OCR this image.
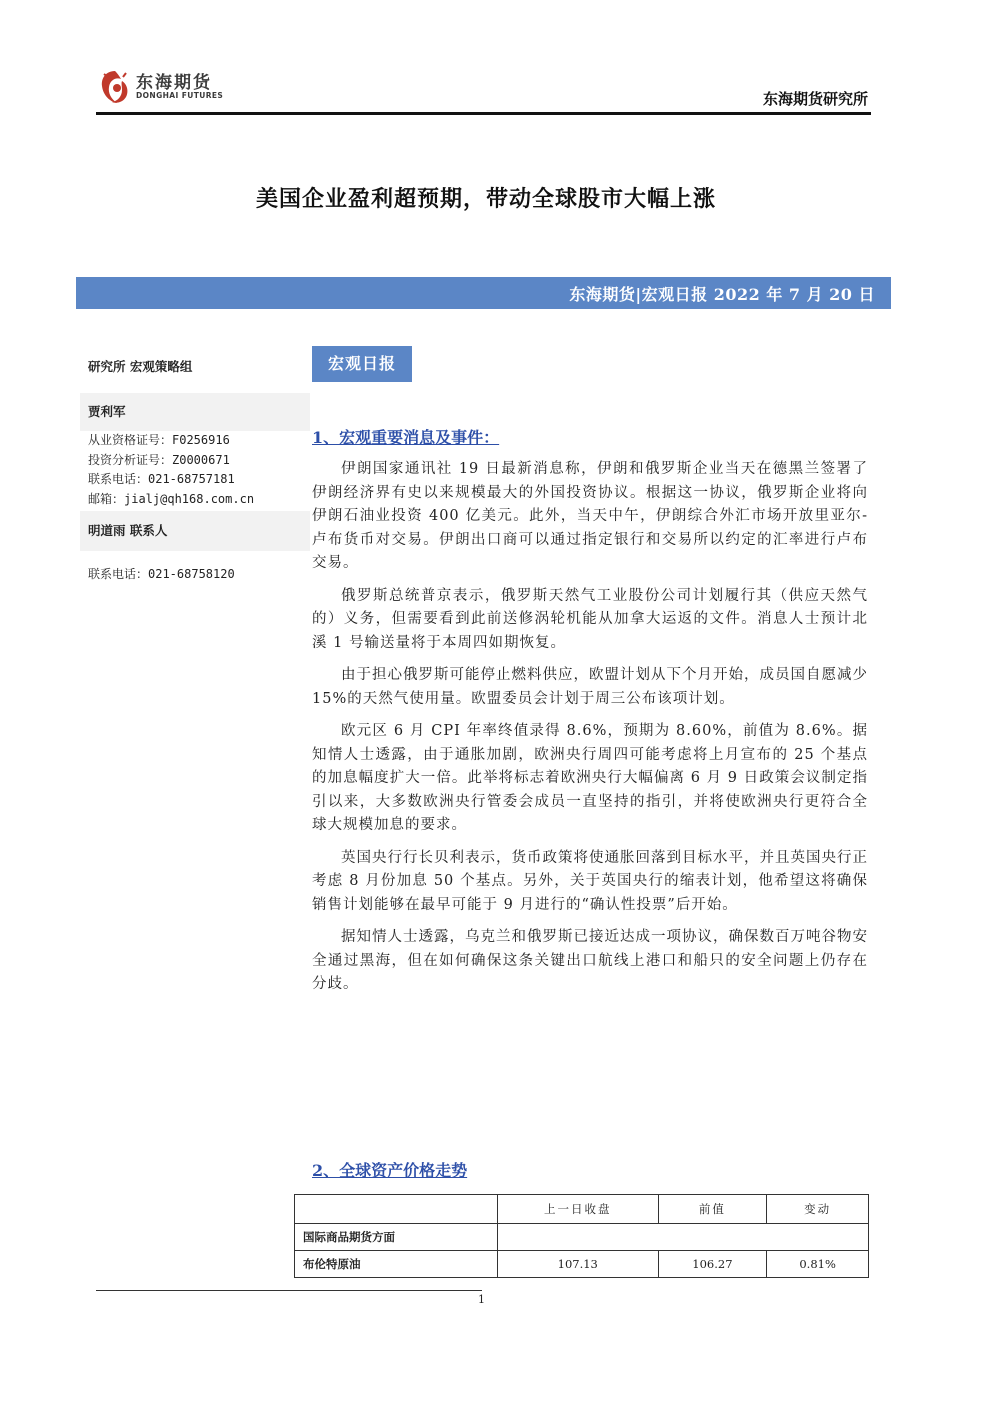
东海期货
DONGHAI FUTURES	东海期货研究所
美国企业盈利超预期，带动全球股市大幅上涨
东海期货|宏观日报 2022 年 7 月 20 日
研究所 宏观策略组
贾利军
从业资格证号：F0256916
投资分析证号：Z0000671
联系电话：021-68757181
邮箱：jialj@qh168.com.cn
明道雨 联系人
联系电话：021-68758120
宏观日报
1、宏观重要消息及事件：

伊朗国家通讯社 19 日最新消息称，伊朗和俄罗斯企业当天在德黑兰签署了伊朗经济界有史以来规模最大的外国投资协议。根据这一协议，俄罗斯企业将向伊朗石油业投资 400 亿美元。此外，当天中午，伊朗综合外汇市场开放里亚尔-卢布货币对交易。伊朗出口商可以通过指定银行和交易所以约定的汇率进行卢布交易。

俄罗斯总统普京表示，俄罗斯天然气工业股份公司计划履行其（供应天然气的）义务，但需要看到此前送修涡轮机能从加拿大运返的文件。消息人士预计北溪 1 号输送量将于本周四如期恢复。

由于担心俄罗斯可能停止燃料供应，欧盟计划从下个月开始，成员国自愿减少 15%的天然气使用量。欧盟委员会计划于周三公布该项计划。

欧元区 6 月 CPI 年率终值录得 8.6%，预期为 8.60%，前值为 8.6%。据知情人士透露，由于通胀加剧，欧洲央行周四可能考虑将上月宣布的 25 个基点的加息幅度扩大一倍。此举将标志着欧洲央行大幅偏离 6 月 9 日政策会议制定指引以来，大多数欧洲央行管委会成员一直坚持的指引，并将使欧洲央行更符合全球大规模加息的要求。

英国央行行长贝利表示，货币政策将使通胀回落到目标水平，并且英国央行正考虑 8 月份加息 50 个基点。另外，关于英国央行的缩表计划，他希望这将确保销售计划能够在最早可能于 9 月进行的“确认性投票”后开始。

据知情人士透露，乌克兰和俄罗斯已接近达成一项协议，确保数百万吨谷物安全通过黑海，但在如何确保这条关键出口航线上港口和船只的安全问题上仍存在分歧。

2、全球资产价格走势
	上一日收盘	前值	变动
国际商品期货方面			
布伦特原油	107.13	106.27	0.81%
1
